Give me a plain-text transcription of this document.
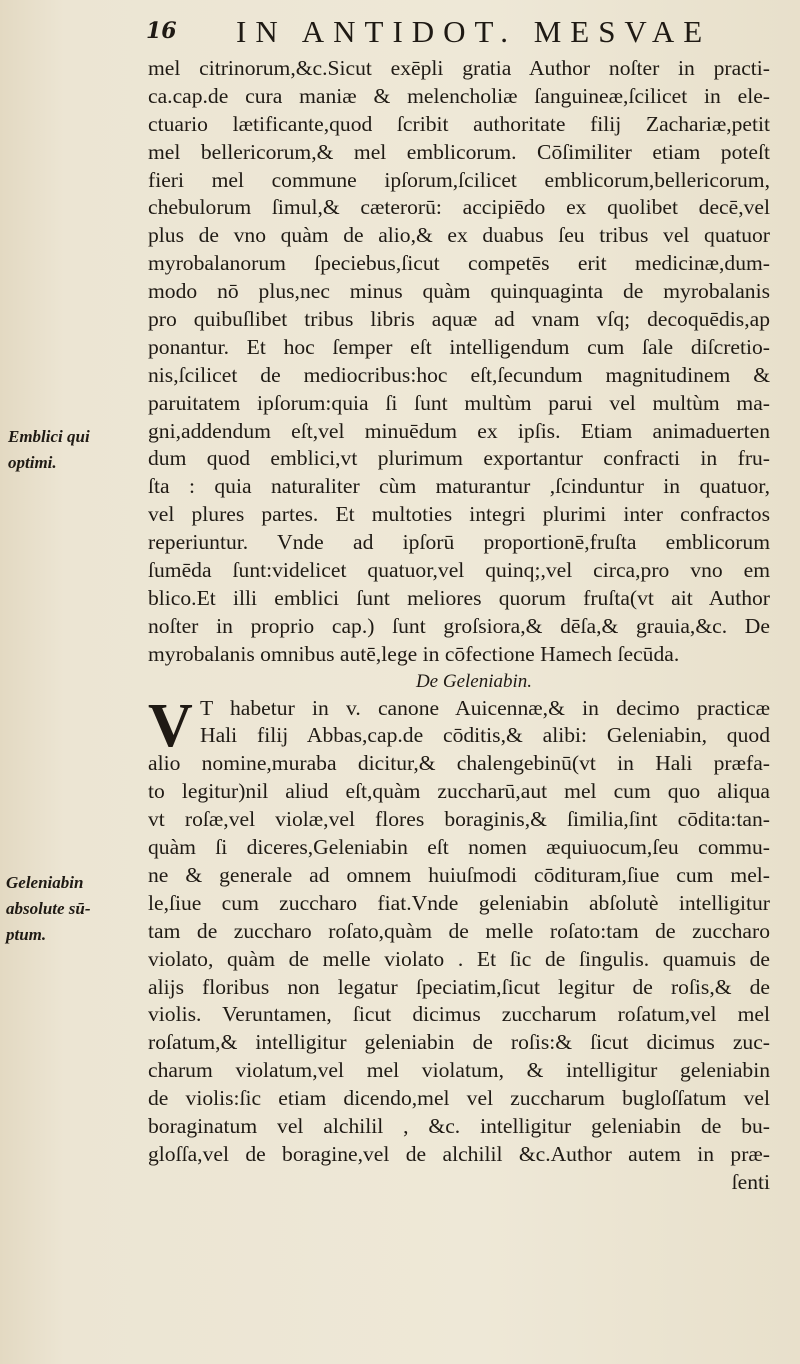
16 IN ANTIDOT. MESVAE
Emblici qui
optimi.
Geleniabin
absolute sū-
ptum.
mel citrinorum,&c.Sicut exēpli gratia Author noſter in practi-
ca.cap.de cura maniæ & melencholiæ ſanguineæ,ſcilicet in ele-
ctuario lætificante,quod ſcribit authoritate filij Zachariæ,petit
mel bellericorum,& mel emblicorum. Cōſimiliter etiam poteſt
fieri mel commune ipſorum,ſcilicet emblicorum,bellericorum,
chebulorum ſimul,& cæterorū: accipiēdo ex quolibet decē,vel
plus de vno quàm de alio,& ex duabus ſeu tribus vel quatuor
myrobalanorum ſpeciebus,ſicut competēs erit medicinæ,dum-
modo nō plus,nec minus quàm quinquaginta de myrobalanis
pro quibuſlibet tribus libris aquæ ad vnam vſq; decoquēdis,ap
ponantur. Et hoc ſemper eſt intelligendum cum ſale diſcretio-
nis,ſcilicet de mediocribus:hoc eſt,ſecundum magnitudinem &
paruitatem ipſorum:quia ſi ſunt multùm parui vel multùm ma-
gni,addendum eſt,vel minuēdum ex ipſis. Etiam animaduerten
dum quod emblici,vt plurimum exportantur confracti in fru-
ſta : quia naturaliter cùm maturantur ,ſcinduntur in quatuor,
vel plures partes. Et multoties integri plurimi inter confractos
reperiuntur. Vnde ad ipſorū proportionē,fruſta emblicorum
ſumēda ſunt:videlicet quatuor,vel quinq;,vel circa,pro vno em
blico.Et illi emblici ſunt meliores quorum fruſta(vt ait Author
noſter in proprio cap.) ſunt groſsiora,& dēſa,& grauia,&c. De
myrobalanis omnibus autē,lege in cōfectione Hamech ſecūda.
De Geleniabin.
V T habetur in v. canone Auicennæ,& in decimo practicæ
Hali filij Abbas,cap.de cōditis,& alibi: Geleniabin, quod
alio nomine,muraba dicitur,& chalengebinū(vt in Hali præfa-
to legitur)nil aliud eſt,quàm zuccharū,aut mel cum quo aliqua
vt roſæ,vel violæ,vel flores boraginis,& ſimilia,ſint cōdita:tan-
quàm ſi diceres,Geleniabin eſt nomen æquiuocum,ſeu commu-
ne & generale ad omnem huiuſmodi cōdituram,ſiue cum mel-
le,ſiue cum zuccharo fiat.Vnde geleniabin abſolutè intelligitur
tam de zuccharo roſato,quàm de melle roſato:tam de zuccharo
violato, quàm de melle violato . Et ſic de ſingulis. quamuis de
alijs floribus non legatur ſpeciatim,ſicut legitur de roſis,& de
violis. Veruntamen, ſicut dicimus zuccharum roſatum,vel mel
roſatum,& intelligitur geleniabin de roſis:& ſicut dicimus zuc-
charum violatum,vel mel violatum, & intelligitur geleniabin
de violis:ſic etiam dicendo,mel vel zuccharum bugloſſatum vel
boraginatum vel alchilil , &c. intelligitur geleniabin de bu-
gloſſa,vel de boragine,vel de alchilil &c.Author autem in præ-
ſenti
